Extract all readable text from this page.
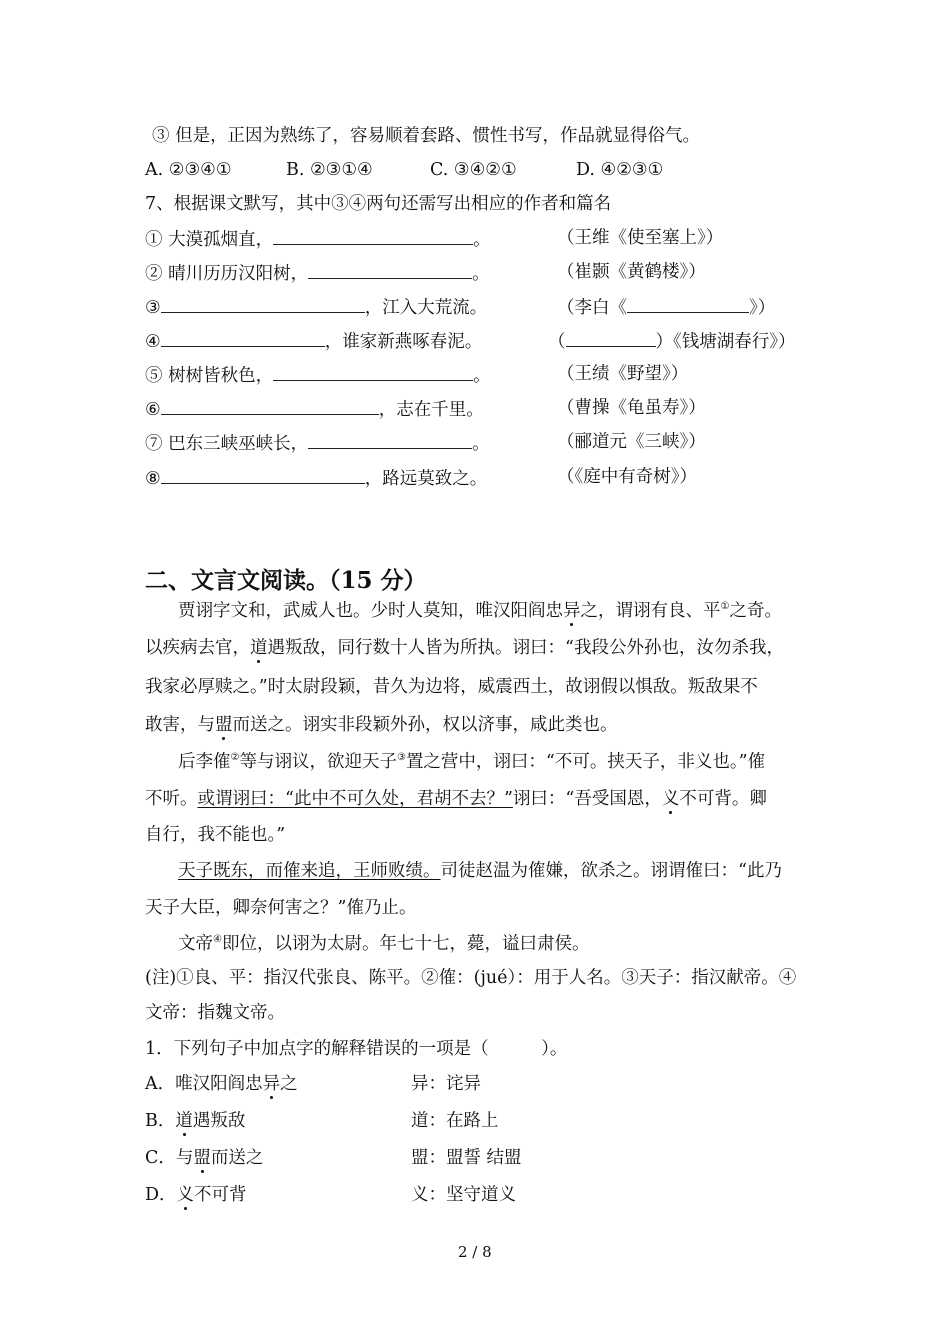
③ 但是，正因为熟练了，容易顺着套路、惯性书写，作品就显得俗气。
A. ②③④①	B. ②③①④	C. ③④②①	D. ④②③①
7、根据课文默写，其中③④两句还需写出相应的作者和篇名
① 大漠孤烟直，	。	（王维《使至塞上》）
② 晴川历历汉阳树，	。	（崔颢《黄鹤楼》）
③	，江入大荒流。	（李白《	》）
④	，谁家新燕啄春泥。	（	）《钱塘湖春行》）
⑤ 树树皆秋色，	。	（王绩《野望》）
⑥	，志在千里。	（曹操《龟虽寿》）
⑦ 巴东三峡巫峡长，	。	（郦道元《三峡》）
⑧	，路远莫致之。	（《庭中有奇树》）
二、文言文阅读。（15 分）
贾诩字文和，武威人也。少时人莫知，唯汉阳阎忠异之，谓诩有良、平①之奇。
以疾病去官，道遇叛敌，同行数十人皆为所执。诩曰：“我段公外孙也，汝勿杀我，
我家必厚赎之。”时太尉段颖，昔久为边将，威震西土，故诩假以惧敌。叛敌果不
敢害，与盟而送之。诩实非段颖外孙，权以济事，咸此类也。
后李傕②等与诩议，欲迎天子③置之营中，诩曰：“不可。挟天子，非义也。”傕
不听。或谓诩曰：“此中不可久处，君胡不去？”诩曰：“吾受国恩，义不可背。卿
自行，我不能也。”
天子既东，而傕来追，王师败绩。司徒赵温为傕嫌，欲杀之。诩谓傕曰：“此乃
天子大臣，卿奈何害之？”傕乃止。
文帝④即位，以诩为太尉。年七十七，薨，谥曰肃侯。
(注)①良、平：指汉代张良、陈平。②傕：(jué）：用于人名。③天子：指汉献帝。④
文帝：指魏文帝。
1．下列句子中加点字的解释错误的一项是（　　　）。
A．唯汉阳阎忠异之	异：诧异
B．道遇叛敌	道：在路上
C．与盟而送之	盟：盟誓 结盟
D．义不可背	义：坚守道义
2 / 8
